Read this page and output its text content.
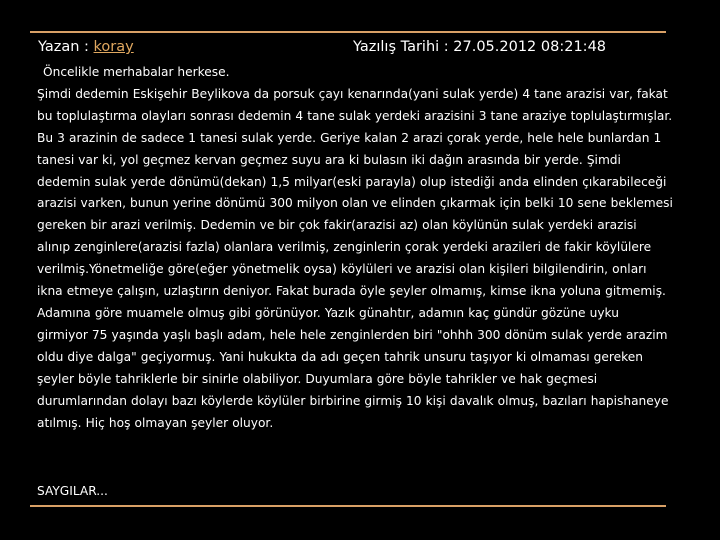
Yazan : koray	Yazılış Tarihi : 27.05.2012 08:21:48
Öncelikle merhabalar herkese.

Şimdi dedemin Eskişehir Beylikova da porsuk çayı kenarında(yani sulak yerde) 4 tane arazisi var, fakat bu toplulaştırma olayları sonrası dedemin 4 tane sulak yerdeki arazisini 3 tane araziye toplulaştırmışlar. Bu 3 arazinin de sadece 1 tanesi sulak yerde. Geriye kalan 2 arazi çorak yerde, hele hele bunlardan 1 tanesi var ki, yol geçmez kervan geçmez suyu ara ki bulasın iki dağın arasında bir yerde. Şimdi dedemin sulak yerde dönümü(dekan) 1,5 milyar(eski parayla) olup istediği anda elinden çıkarabileceği arazisi varken, bunun yerine dönümü 300 milyon olan ve elinden çıkarmak için belki 10 sene beklemesi gereken bir arazi verilmiş. Dedemin ve bir çok fakir(arazisi az) olan köylünün sulak yerdeki arazisi alınıp zenginlere(arazisi fazla) olanlara verilmiş, zenginlerin çorak yerdeki arazileri de fakir köylülere verilmiş.Yönetmeliğe göre(eğer yönetmelik oysa) köylüleri ve arazisi olan kişileri bilgilendirin, onları ikna etmeye çalışın, uzlaştırın deniyor. Fakat burada öyle şeyler olmamış, kimse ikna yoluna gitmemiş. Adamına göre muamele olmuş gibi görünüyor. Yazık günahtır, adamın kaç gündür gözüne uyku girmiyor 75 yaşında yaşlı başlı adam, hele hele zenginlerden biri "ohhh 300 dönüm sulak yerde arazim oldu diye dalga" geçiyormuş. Yani hukukta da adı geçen tahrik unsuru taşıyor ki olmaması gereken şeyler böyle tahriklerle bir sinirle olabiliyor. Duyumlara göre böyle tahrikler ve hak geçmesi durumlarından dolayı bazı köylerde köylüler birbirine girmiş 10 kişi davalık olmuş, bazıları hapishaneye atılmış. Hiç hoş olmayan şeyler oluyor.

SAYGILAR...
